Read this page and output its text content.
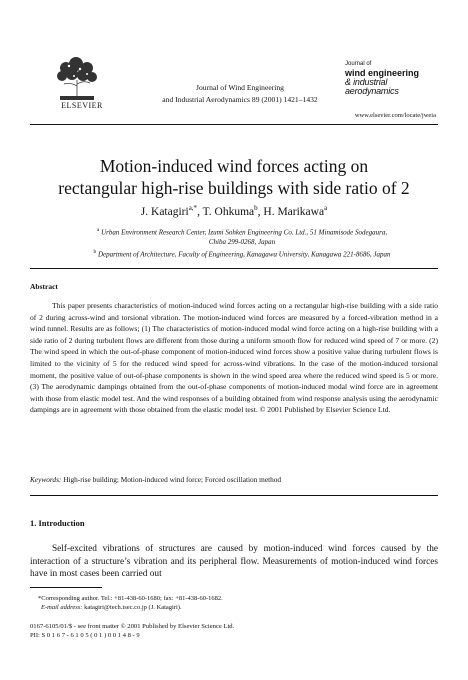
ELSEVIER
Journal of Wind Engineering
and Industrial Aerodynamics 89 (2001) 1421–1432
Journal of
wind engineering
& industrial
aerodynamics
www.elsevier.com/locate/jweia
Motion-induced wind forces acting on
rectangular high-rise buildings with side ratio of 2
J. Katagiri$^{a,*}$, T. Ohkuma$^b$, H. Marikawa$^a$
$^a$ Urban Environment Research Center, Izumi Sohken Engineering Co. Ltd., 51 Minamisode Sodegaura,
Chiba 299-0268, Japan
$^b$ Department of Architecture, Faculty of Engineering, Kanagawa University, Kanagawa 221-8686, Japan
Abstract
This paper presents characteristics of motion-induced wind forces acting on a rectangular high-rise building with a side ratio of 2 during across-wind and torsional vibration. The motion-induced wind forces are measured by a forced-vibration method in a wind tunnel. Results are as follows; (1) The characteristics of motion-induced modal wind force acting on a high-rise building with a side ratio of 2 during turbulent flows are different from those during a uniform smooth flow for reduced wind speed of 7 or more. (2) The wind speed in which the out-of-phase component of motion-induced wind forces show a positive value during turbulent flows is limited to the vicinity of 5 for the reduced wind speed for across-wind vibrations. In the case of the motion-induced torsional moment, the positive value of out-of-phase components is shown in the wind speed area where the reduced wind speed is 5 or more. (3) The aerodynamic dampings obtained from the out-of-phase components of motion-induced modal wind force are in agreement with those from elastic model test. And the wind responses of a building obtained from wind response analysis using the aerodynamic dampings are in agreement with those obtained from the elastic model test. © 2001 Published by Elsevier Science Ltd.
Keywords: High-rise building; Motion-induced wind force; Forced oscillation method
1. Introduction
Self-excited vibrations of structures are caused by motion-induced wind forces caused by the interaction of a structure’s vibration and its peripheral flow. Measurements of motion-induced wind forces have in most cases been carried out
*Corresponding author. Tel.: +81-438-60-1680; fax: +81-438-60-1682.
E-mail address: katagiri@tech.isec.co.jp (J. Katagiri).
0167-6105/01/$ - see front matter © 2001 Published by Elsevier Science Ltd.
PII: S 0 1 6 7 - 6 1 0 5 ( 0 1 ) 0 0 1 4 8 - 9
